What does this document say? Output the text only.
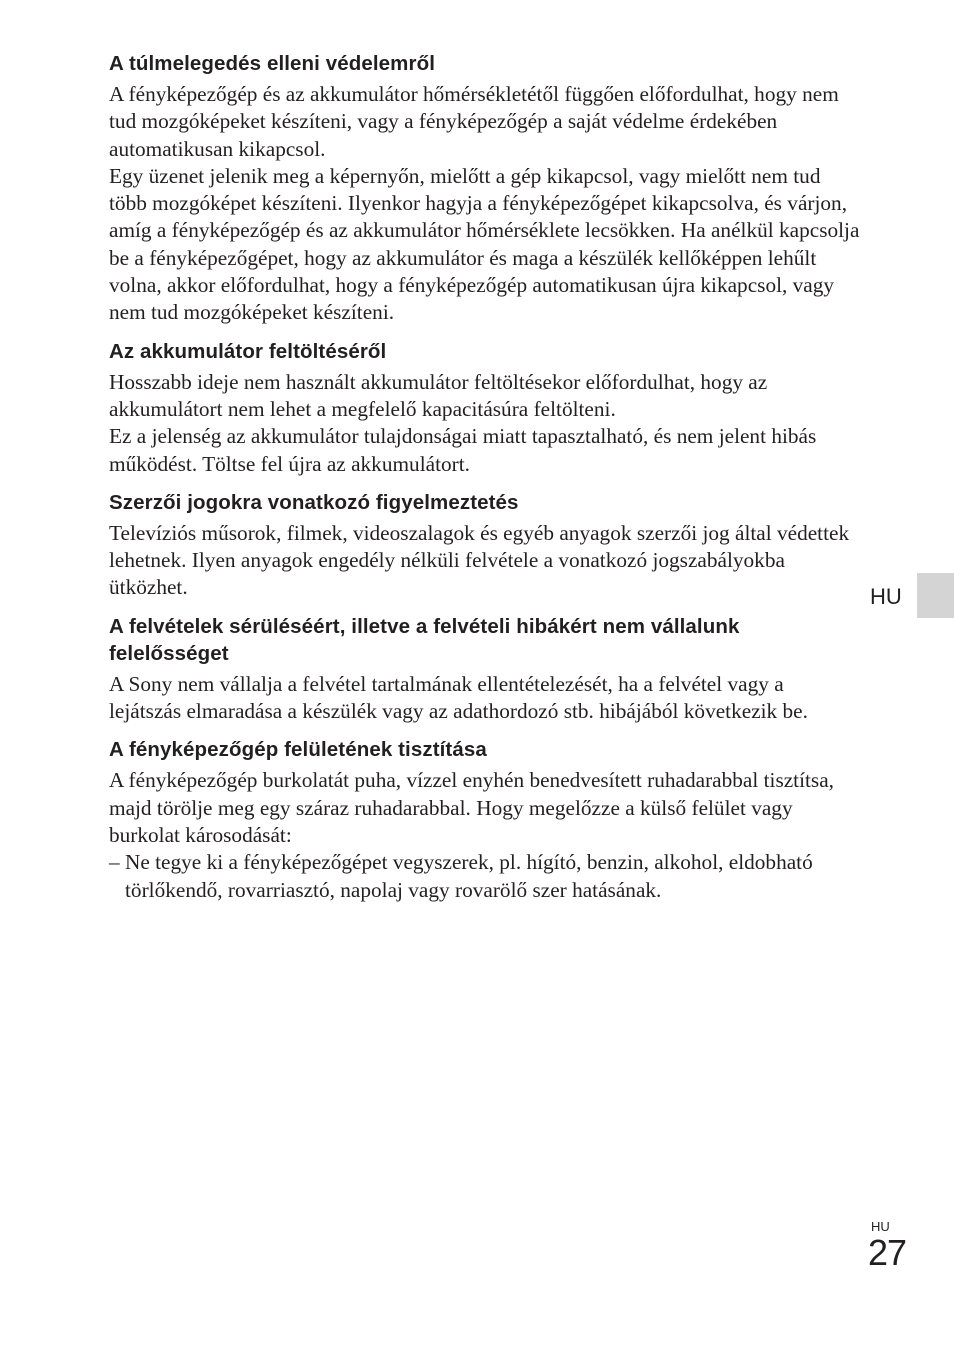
A túlmelegedés elleni védelemről

A fényképezőgép és az akkumulátor hőmérsékletétől függően előfordulhat, hogy nem tud mozgóképeket készíteni, vagy a fényképezőgép a saját védelme érdekében automatikusan kikapcsol.

Egy üzenet jelenik meg a képernyőn, mielőtt a gép kikapcsol, vagy mielőtt nem tud több mozgóképet készíteni. Ilyenkor hagyja a fényképezőgépet kikapcsolva, és várjon, amíg a fényképezőgép és az akkumulátor hőmérséklete lecsökken. Ha anélkül kapcsolja be a fényképezőgépet, hogy az akkumulátor és maga a készülék kellőképpen lehűlt volna, akkor előfordulhat, hogy a fényképezőgép automatikusan újra kikapcsol, vagy nem tud mozgóképeket készíteni.

Az akkumulátor feltöltéséről

Hosszabb ideje nem használt akkumulátor feltöltésekor előfordulhat, hogy az akkumulátort nem lehet a megfelelő kapacitásúra feltölteni.

Ez a jelenség az akkumulátor tulajdonságai miatt tapasztalható, és nem jelent hibás működést. Töltse fel újra az akkumulátort.

Szerzői jogokra vonatkozó figyelmeztetés

Televíziós műsorok, filmek, videoszalagok és egyéb anyagok szerzői jog által védettek lehetnek. Ilyen anyagok engedély nélküli felvétele a vonatkozó jogszabályokba ütközhet.

A felvételek sérüléséért, illetve a felvételi hibákért nem vállalunk felelősséget

A Sony nem vállalja a felvétel tartalmának ellentételezését, ha a felvétel vagy a lejátszás elmaradása a készülék vagy az adathordozó stb. hibájából következik be.

A fényképezőgép felületének tisztítása

A fényképezőgép burkolatát puha, vízzel enyhén benedvesített ruhadarabbal tisztítsa, majd törölje meg egy száraz ruhadarabbal. Hogy megelőzze a külső felület vagy burkolat károsodását:

– Ne tegye ki a fényképezőgépet vegyszerek, pl. hígító, benzin, alkohol, eldobható törlőkendő, rovarriasztó, napolaj vagy rovarölő szer hatásának.

HU
HU
27
